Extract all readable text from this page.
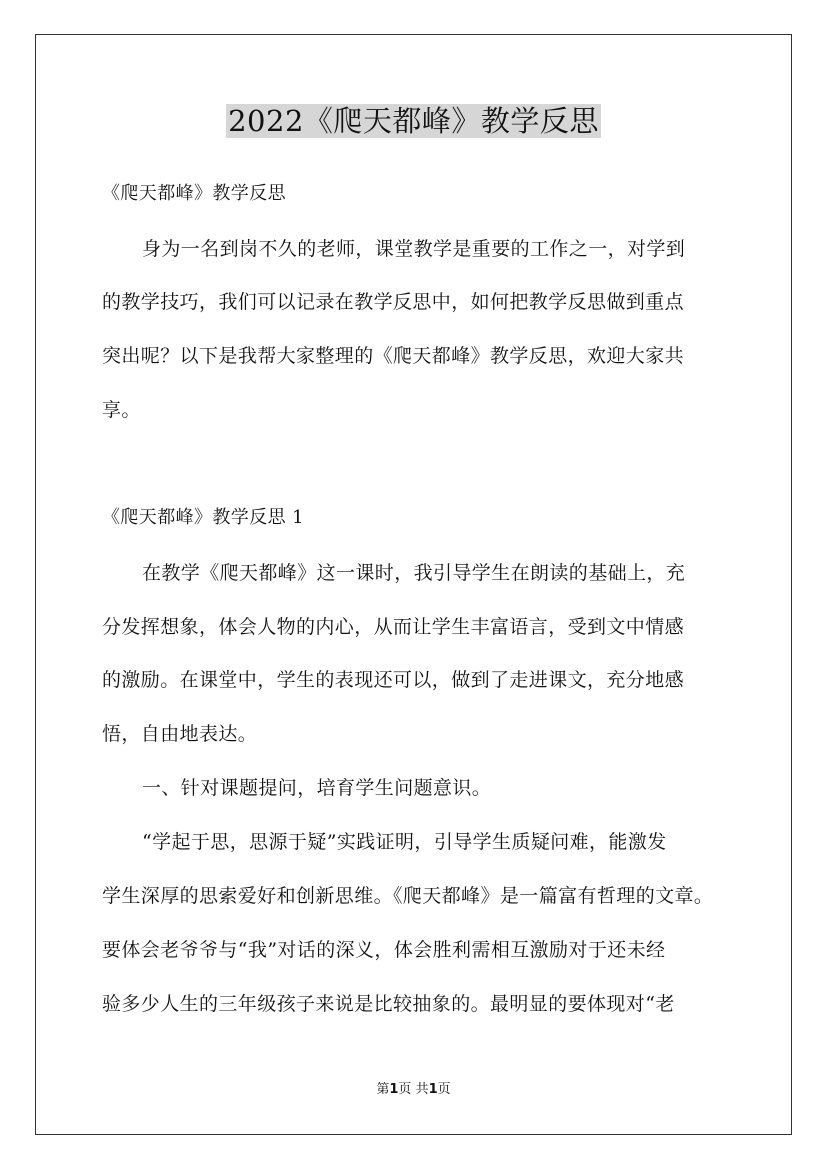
2022《爬天都峰》教学反思
《爬天都峰》教学反思
身为一名到岗不久的老师，课堂教学是重要的工作之一，对学到
的教学技巧，我们可以记录在教学反思中，如何把教学反思做到重点
突出呢？以下是我帮大家整理的《爬天都峰》教学反思，欢迎大家共
享。
《爬天都峰》教学反思 1
在教学《爬天都峰》这一课时，我引导学生在朗读的基础上，充
分发挥想象，体会人物的内心，从而让学生丰富语言，受到文中情感
的激励。在课堂中，学生的表现还可以，做到了走进课文，充分地感
悟，自由地表达。
一、针对课题提问，培育学生问题意识。
“学起于思，思源于疑”实践证明，引导学生质疑问难，能激发
学生深厚的思索爱好和创新思维。《爬天都峰》是一篇富有哲理的文章。
要体会老爷爷与“我”对话的深义，体会胜利需相互激励对于还未经
验多少人生的三年级孩子来说是比较抽象的。最明显的要体现对“老
第1页 共1页
